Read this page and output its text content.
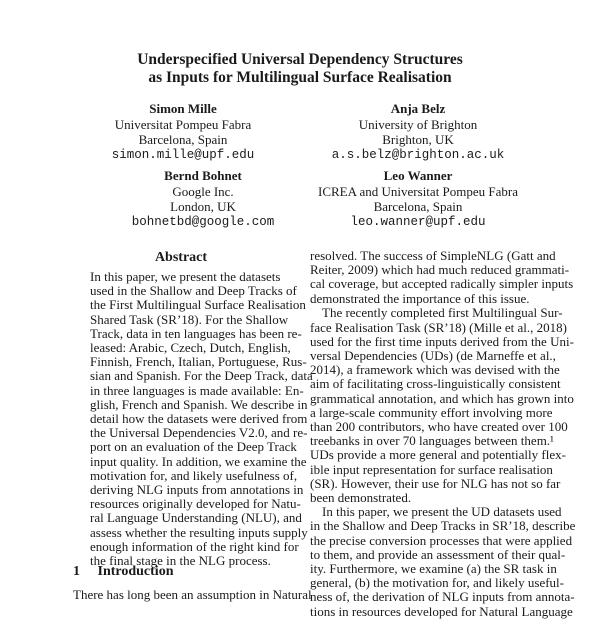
Underspecified Universal Dependency Structures
as Inputs for Multilingual Surface Realisation
Simon Mille
Universitat Pompeu Fabra
Barcelona, Spain
simon.mille@upf.edu
Anja Belz
University of Brighton
Brighton, UK
a.s.belz@brighton.ac.uk
Bernd Bohnet
Google Inc.
London, UK
bohnetbd@google.com
Leo Wanner
ICREA and Universitat Pompeu Fabra
Barcelona, Spain
leo.wanner@upf.edu
Abstract
In this paper, we present the datasets
used in the Shallow and Deep Tracks of
the First Multilingual Surface Realisation
Shared Task (SR’18). For the Shallow
Track, data in ten languages has been re-
leased: Arabic, Czech, Dutch, English,
Finnish, French, Italian, Portuguese, Rus-
sian and Spanish. For the Deep Track, data
in three languages is made available: En-
glish, French and Spanish. We describe in
detail how the datasets were derived from
the Universal Dependencies V2.0, and re-
port on an evaluation of the Deep Track
input quality. In addition, we examine the
motivation for, and likely usefulness of,
deriving NLG inputs from annotations in
resources originally developed for Natu-
ral Language Understanding (NLU), and
assess whether the resulting inputs supply
enough information of the right kind for
the final stage in the NLG process.
1 Introduction
There has long been an assumption in Natural
resolved. The success of SimpleNLG (Gatt and
Reiter, 2009) which had much reduced grammati-
cal coverage, but accepted radically simpler inputs
demonstrated the importance of this issue.
The recently completed first Multilingual Sur-
face Realisation Task (SR’18) (Mille et al., 2018)
used for the first time inputs derived from the Uni-
versal Dependencies (UDs) (de Marneffe et al.,
2014), a framework which was devised with the
aim of facilitating cross-linguistically consistent
grammatical annotation, and which has grown into
a large-scale community effort involving more
than 200 contributors, who have created over 100
treebanks in over 70 languages between them.¹
UDs provide a more general and potentially flex-
ible input representation for surface realisation
(SR). However, their use for NLG has not so far
been demonstrated.
In this paper, we present the UD datasets used
in the Shallow and Deep Tracks in SR’18, describe
the precise conversion processes that were applied
to them, and provide an assessment of their qual-
ity. Furthermore, we examine (a) the SR task in
general, (b) the motivation for, and likely useful-
ness of, the derivation of NLG inputs from annota-
tions in resources developed for Natural Language
